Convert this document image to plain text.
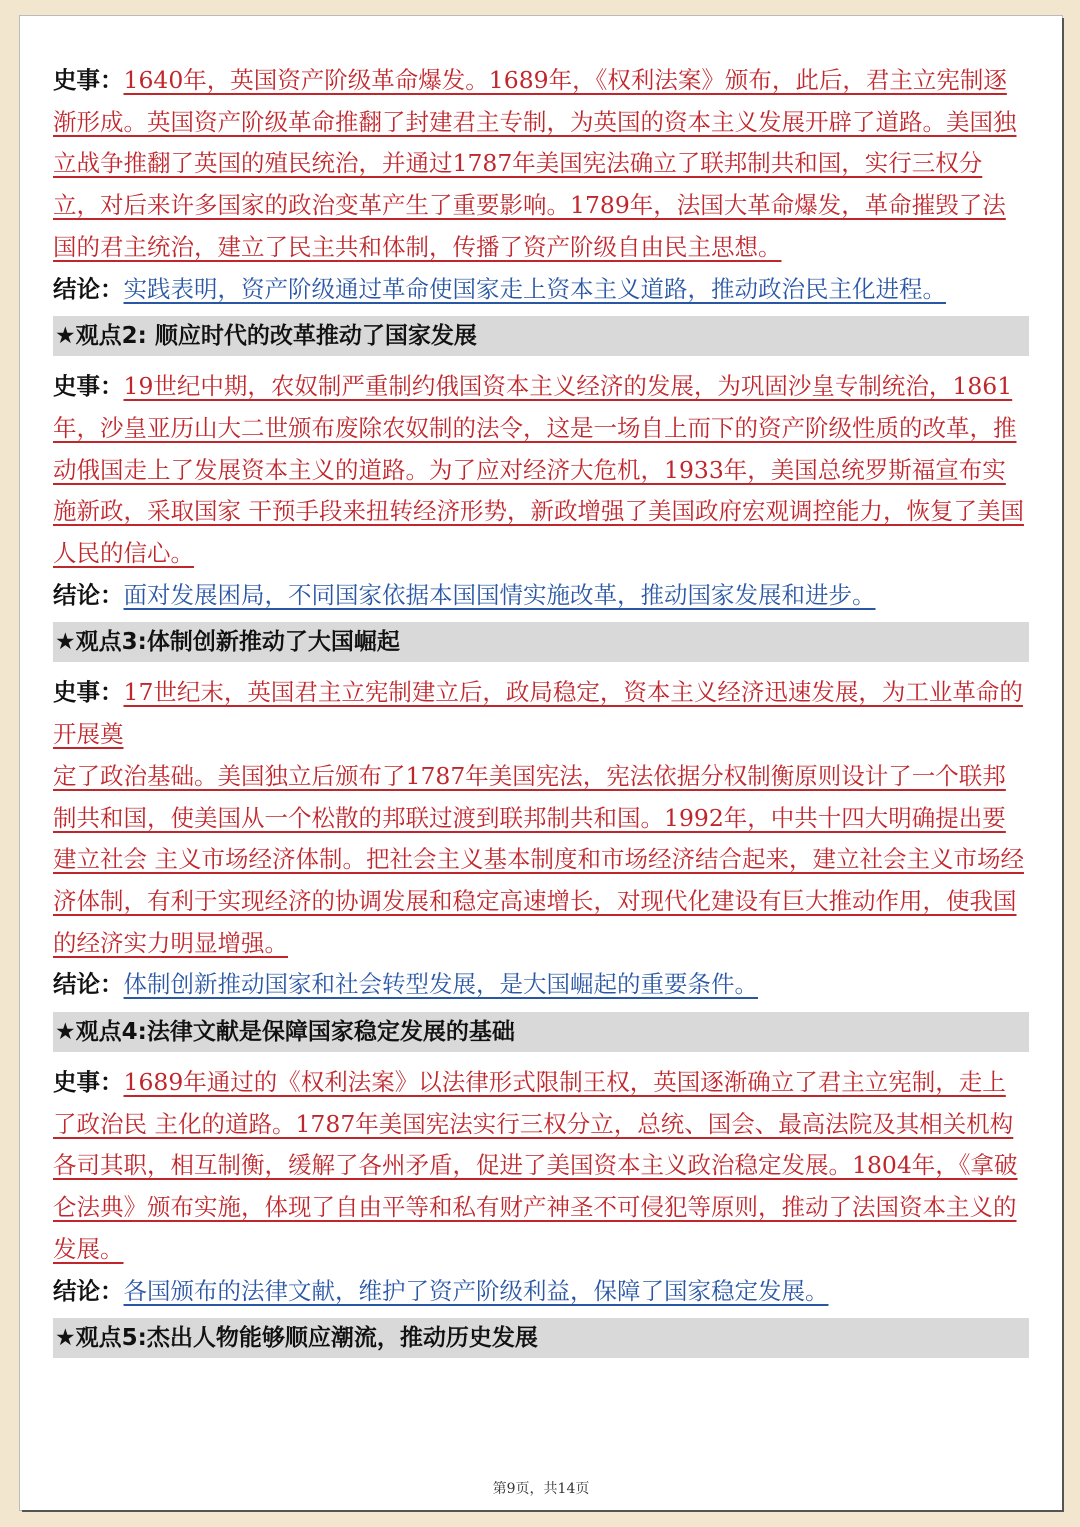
史事：1640年，英国资产阶级革命爆发。1689年，《权利法案》颁布，此后，君主立宪制逐渐形成。英国资产阶级革命推翻了封建君主专制，为英国的资本主义发展开辟了道路。美国独立战争推翻了英国的殖民统治，并通过1787年美国宪法确立了联邦制共和国，实行三权分立，对后来许多国家的政治变革产生了重要影响。1789年，法国大革命爆发，革命摧毁了法国的君主统治，建立了民主共和体制，传播了资产阶级自由民主思想。

结论：实践表明，资产阶级通过革命使国家走上资本主义道路，推动政治民主化进程。

★观点2: 顺应时代的改革推动了国家发展

史事：19世纪中期，农奴制严重制约俄国资本主义经济的发展，为巩固沙皇专制统治，1861年，沙皇亚历山大二世颁布废除农奴制的法令，这是一场自上而下的资产阶级性质的改革，推动俄国走上了发展资本主义的道路。为了应对经济大危机，1933年，美国总统罗斯福宣布实施新政，采取国家 干预手段来扭转经济形势，新政增强了美国政府宏观调控能力，恢复了美国人民的信心。

结论：面对发展困局，不同国家依据本国国情实施改革，推动国家发展和进步。

★观点3:体制创新推动了大国崛起

史事：17世纪末，英国君主立宪制建立后，政局稳定，资本主义经济迅速发展，为工业革命的开展奠

定了政治基础。美国独立后颁布了1787年美国宪法，宪法依据分权制衡原则设计了一个联邦制共和国，使美国从一个松散的邦联过渡到联邦制共和国。1992年，中共十四大明确提出要建立社会 主义市场经济体制。把社会主义基本制度和市场经济结合起来，建立社会主义市场经济体制，有利于实现经济的协调发展和稳定高速增长，对现代化建设有巨大推动作用，使我国的经济实力明显增强。

结论：体制创新推动国家和社会转型发展，是大国崛起的重要条件。

★观点4:法律文献是保障国家稳定发展的基础

史事：1689年通过的《权利法案》以法律形式限制王权，英国逐渐确立了君主立宪制，走上了政治民 主化的道路。1787年美国宪法实行三权分立，总统、国会、最高法院及其相关机构各司其职，相互制衡，缓解了各州矛盾，促进了美国资本主义政治稳定发展。1804年，《拿破仑法典》颁布实施，体现了自由平等和私有财产神圣不可侵犯等原则，推动了法国资本主义的发展。

结论：各国颁布的法律文献，维护了资产阶级利益，保障了国家稳定发展。

★观点5:杰出人物能够顺应潮流，推动历史发展
第9页，共14页
